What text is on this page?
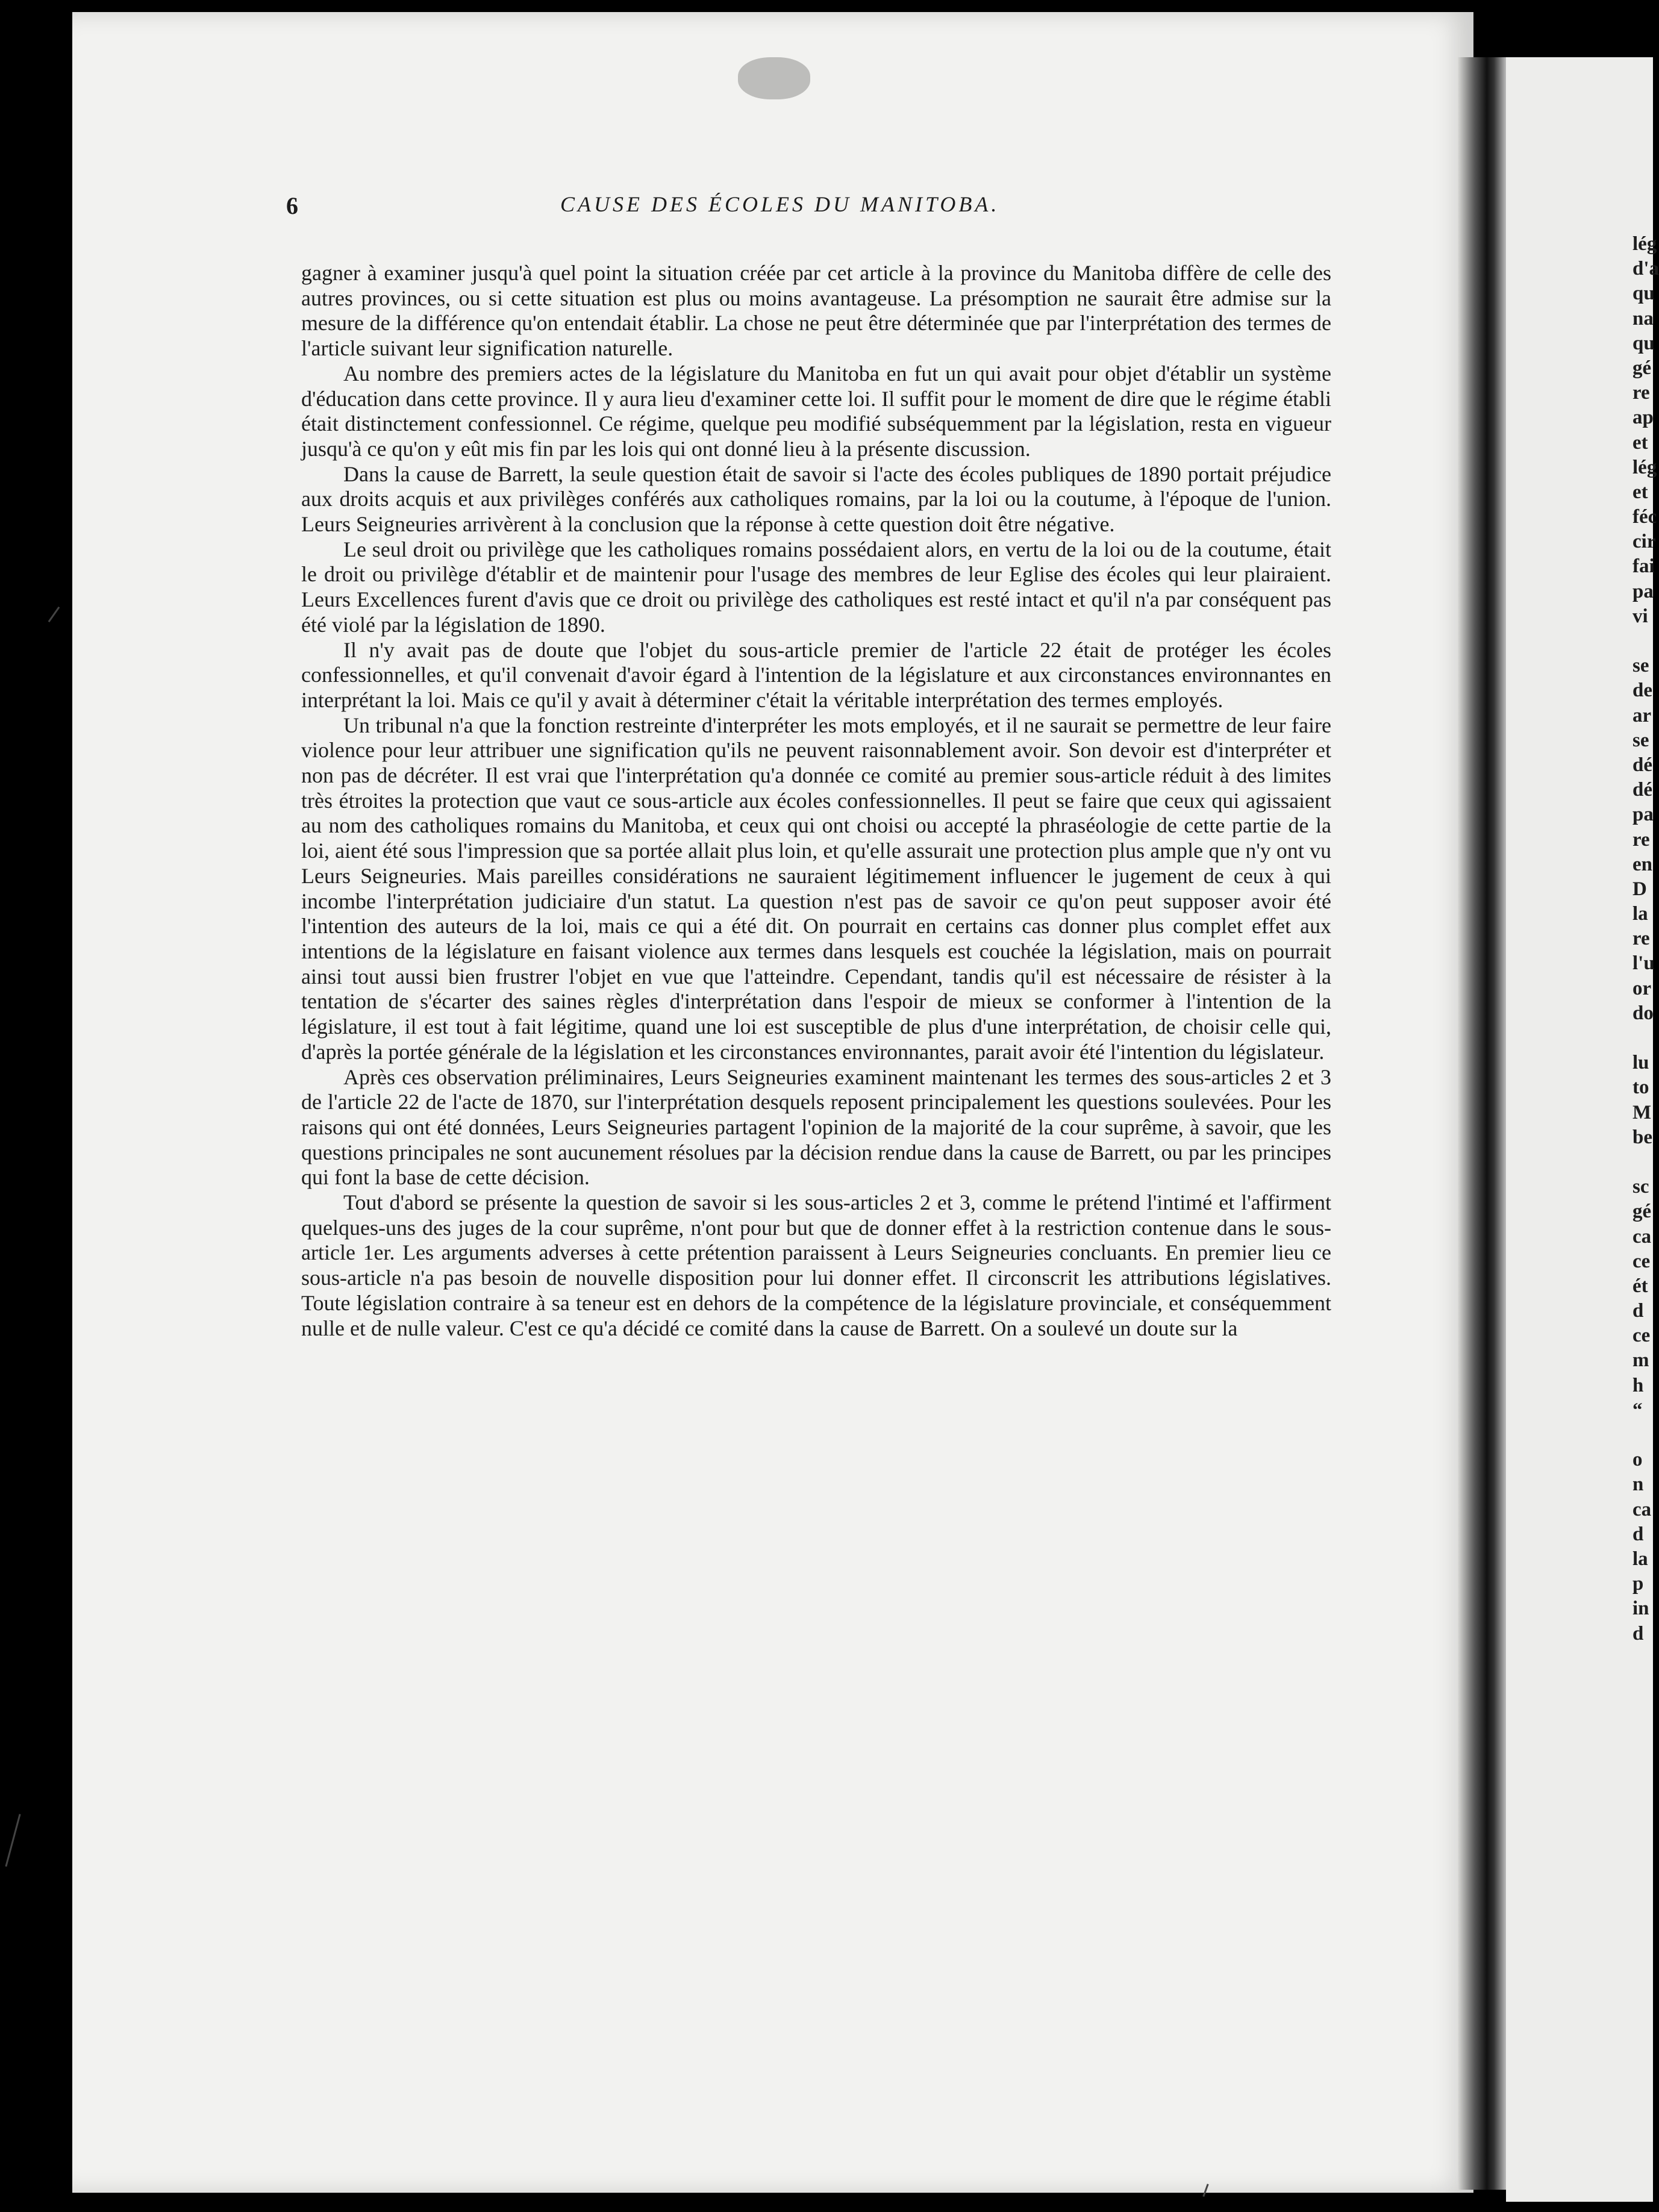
lég
d'a
qu
na
qu
gé
re
ap
et
lég
et
féc
cir
fai
pa
vi
se
de
ar
se
dé
dé
pa
re
en
D
la
re
l'u
or
do
lu
to
M
be
sc
gé
ca
ce
ét
d
ce
m
h
“
o
n
ca
d
la
p
in
d
6	CAUSE DES ÉCOLES DU MANITOBA.

gagner à examiner jusqu'à quel point la situation créée par cet article à la province du Manitoba diffère de celle des autres provinces, ou si cette situation est plus ou moins avantageuse. La présomption ne saurait être admise sur la mesure de la différence qu'on entendait établir. La chose ne peut être déterminée que par l'interprétation des termes de l'article suivant leur signification naturelle.

Au nombre des premiers actes de la législature du Manitoba en fut un qui avait pour objet d'établir un système d'éducation dans cette province. Il y aura lieu d'examiner cette loi. Il suffit pour le moment de dire que le régime établi était distinctement confessionnel. Ce régime, quelque peu modifié subséquemment par la législation, resta en vigueur jusqu'à ce qu'on y eût mis fin par les lois qui ont donné lieu à la présente discussion.

Dans la cause de Barrett, la seule question était de savoir si l'acte des écoles publiques de 1890 portait préjudice aux droits acquis et aux privilèges conférés aux catholiques romains, par la loi ou la coutume, à l'époque de l'union. Leurs Seigneuries arrivèrent à la conclusion que la réponse à cette question doit être négative.

Le seul droit ou privilège que les catholiques romains possédaient alors, en vertu de la loi ou de la coutume, était le droit ou privilège d'établir et de maintenir pour l'usage des membres de leur Eglise des écoles qui leur plairaient. Leurs Excellences furent d'avis que ce droit ou privilège des catholiques est resté intact et qu'il n'a par conséquent pas été violé par la législation de 1890.

Il n'y avait pas de doute que l'objet du sous-article premier de l'article 22 était de protéger les écoles confessionnelles, et qu'il convenait d'avoir égard à l'intention de la législature et aux circonstances environnantes en interprétant la loi. Mais ce qu'il y avait à déterminer c'était la véritable interprétation des termes employés.

Un tribunal n'a que la fonction restreinte d'interpréter les mots employés, et il ne saurait se permettre de leur faire violence pour leur attribuer une signification qu'ils ne peuvent raisonnablement avoir. Son devoir est d'interpréter et non pas de décréter. Il est vrai que l'interprétation qu'a donnée ce comité au premier sous-article réduit à des limites très étroites la protection que vaut ce sous-article aux écoles confessionnelles. Il peut se faire que ceux qui agissaient au nom des catholiques romains du Manitoba, et ceux qui ont choisi ou accepté la phraséologie de cette partie de la loi, aient été sous l'impression que sa portée allait plus loin, et qu'elle assurait une protection plus ample que n'y ont vu Leurs Seigneuries. Mais pareilles considérations ne sauraient légitimement influencer le jugement de ceux à qui incombe l'interprétation judiciaire d'un statut. La question n'est pas de savoir ce qu'on peut supposer avoir été l'intention des auteurs de la loi, mais ce qui a été dit. On pourrait en certains cas donner plus complet effet aux intentions de la législature en faisant violence aux termes dans lesquels est couchée la législation, mais on pourrait ainsi tout aussi bien frustrer l'objet en vue que l'atteindre. Cependant, tandis qu'il est nécessaire de résister à la tentation de s'écarter des saines règles d'interprétation dans l'espoir de mieux se conformer à l'intention de la législature, il est tout à fait légitime, quand une loi est susceptible de plus d'une interprétation, de choisir celle qui, d'après la portée générale de la législation et les circonstances environnantes, parait avoir été l'intention du législateur.

Après ces observation préliminaires, Leurs Seigneuries examinent maintenant les termes des sous-articles 2 et 3 de l'article 22 de l'acte de 1870, sur l'interprétation desquels reposent principalement les questions soulevées. Pour les raisons qui ont été données, Leurs Seigneuries partagent l'opinion de la majorité de la cour suprême, à savoir, que les questions principales ne sont aucunement résolues par la décision rendue dans la cause de Barrett, ou par les principes qui font la base de cette décision.

Tout d'abord se présente la question de savoir si les sous-articles 2 et 3, comme le prétend l'intimé et l'affirment quelques-uns des juges de la cour suprême, n'ont pour but que de donner effet à la restriction contenue dans le sous-article 1er. Les arguments adverses à cette prétention paraissent à Leurs Seigneuries concluants. En premier lieu ce sous-article n'a pas besoin de nouvelle disposition pour lui donner effet. Il circonscrit les attributions législatives. Toute législation contraire à sa teneur est en dehors de la compétence de la législature provinciale, et conséquemment nulle et de nulle valeur. C'est ce qu'a décidé ce comité dans la cause de Barrett. On a soulevé un doute sur la
